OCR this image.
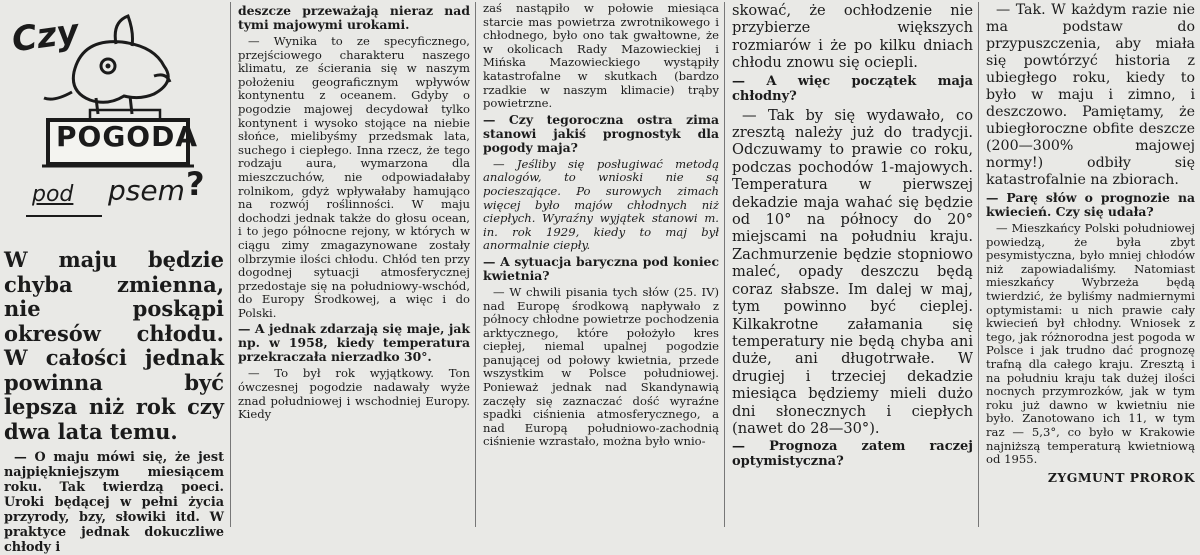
Czy
POGODA
pod psem ?
W maju będzie chyba zmienna, nie poskąpi okresów chłodu. W całości jednak powinna być lepsza niż rok czy dwa lata temu.

— O maju mówi się, że jest najpiękniejszym miesiącem roku. Tak twierdzą poeci. Uroki będącej w pełni życia przyrody, bzy, słowiki itd. W praktyce jednak dokuczliwe chłody i

deszcze przeważają nieraz nad tymi majowymi urokami.

— Wynika to ze specyficznego, przejściowego charakteru naszego klimatu, ze ścierania się w naszym położeniu geograficznym wpływów kontynentu z oceanem. Gdyby o pogodzie majowej decydował tylko kontynent i wysoko stojące na niebie słońce, mielibyśmy przedsmak lata, suchego i ciepłego. Inna rzecz, że tego rodzaju aura, wymarzona dla mieszczuchów, nie odpowiadałaby rolnikom, gdyż wpływałaby hamująco na rozwój roślinności. W maju dochodzi jednak także do głosu ocean, i to jego północne rejony, w których w ciągu zimy zmagazynowane zostały olbrzymie ilości chłodu. Chłód ten przy dogodnej sytuacji atmosferycznej przedostaje się na południowy-wschód, do Europy Środkowej, a więc i do Polski.

— A jednak zdarzają się maje, jak np. w 1958, kiedy temperatura przekraczała nierzadko 30°.

— To był rok wyjątkowy. Ton ówczesnej pogodzie nadawały wyże znad południowej i wschodniej Europy. Kiedy

zaś nastąpiło w połowie miesiąca starcie mas powietrza zwrotnikowego i chłodnego, było ono tak gwałtowne, że w okolicach Rady Mazowieckiej i Mińska Mazowieckiego wystąpiły katastrofalne w skutkach (bardzo rzadkie w naszym klimacie) trąby powietrzne.

— Czy tegoroczna ostra zima stanowi jakiś prognostyk dla pogody maja?

— Jeśliby się posługiwać metodą analogów, to wnioski nie są pocieszające. Po surowych zimach więcej było majów chłodnych niż ciepłych. Wyraźny wyjątek stanowi m. in. rok 1929, kiedy to maj był anormalnie ciepły.

— A sytuacja baryczna pod koniec kwietnia?

— W chwili pisania tych słów (25. IV) nad Europę środkową napływało z północy chłodne powietrze pochodzenia arktycznego, które położyło kres ciepłej, niemal upalnej pogodzie panującej od połowy kwietnia, przede wszystkim w Polsce południowej. Ponieważ jednak nad Skandynawią zaczęły się zaznaczać dość wyraźne spadki ciśnienia atmosferycznego, a nad Europą południowo-zachodnią ciśnienie wzrastało, można było wnio-

skować, że ochłodzenie nie przybierze większych rozmiarów i że po kilku dniach chłodu znowu się ociepli.

— A więc początek maja chłodny?

— Tak by się wydawało, co zresztą należy już do tradycji. Odczuwamy to prawie co roku, podczas pochodów 1-majowych. Temperatura w pierwszej dekadzie maja wahać się będzie od 10° na północy do 20° miejscami na południu kraju. Zachmurzenie będzie stopniowo maleć, opady deszczu będą coraz słabsze. Im dalej w maj, tym powinno być cieplej. Kilkakrotne załamania się temperatury nie będą chyba ani duże, ani długotrwałe. W drugiej i trzeciej dekadzie miesiąca będziemy mieli dużo dni słonecznych i ciepłych (nawet do 28—30°).

— Prognoza zatem raczej optymistyczna?

— Tak. W każdym razie nie ma podstaw do przypuszczenia, aby miała się powtórzyć historia z ubiegłego roku, kiedy to było w maju i zimno, i deszczowo. Pamiętamy, że ubiegłoroczne obfite deszcze (200—300% majowej normy!) odbiły się katastrofalnie na zbiorach.

— Parę słów o prognozie na kwiecień. Czy się udała?

— Mieszkańcy Polski południowej powiedzą, że była zbyt pesymistyczna, było mniej chłodów niż zapowiadaliśmy. Natomiast mieszkańcy Wybrzeża będą twierdzić, że byliśmy nadmiernymi optymistami: u nich prawie cały kwiecień był chłodny. Wniosek z tego, jak różnorodna jest pogoda w Polsce i jak trudno dać prognozę trafną dla całego kraju. Zresztą i na południu kraju tak dużej ilości nocnych przymrozków, jak w tym roku już dawno w kwietniu nie było. Zanotowano ich 11, w tym raz — 5,3°, co było w Krakowie najniższą temperaturą kwietniową od 1955.

ZYGMUNT PROROK
